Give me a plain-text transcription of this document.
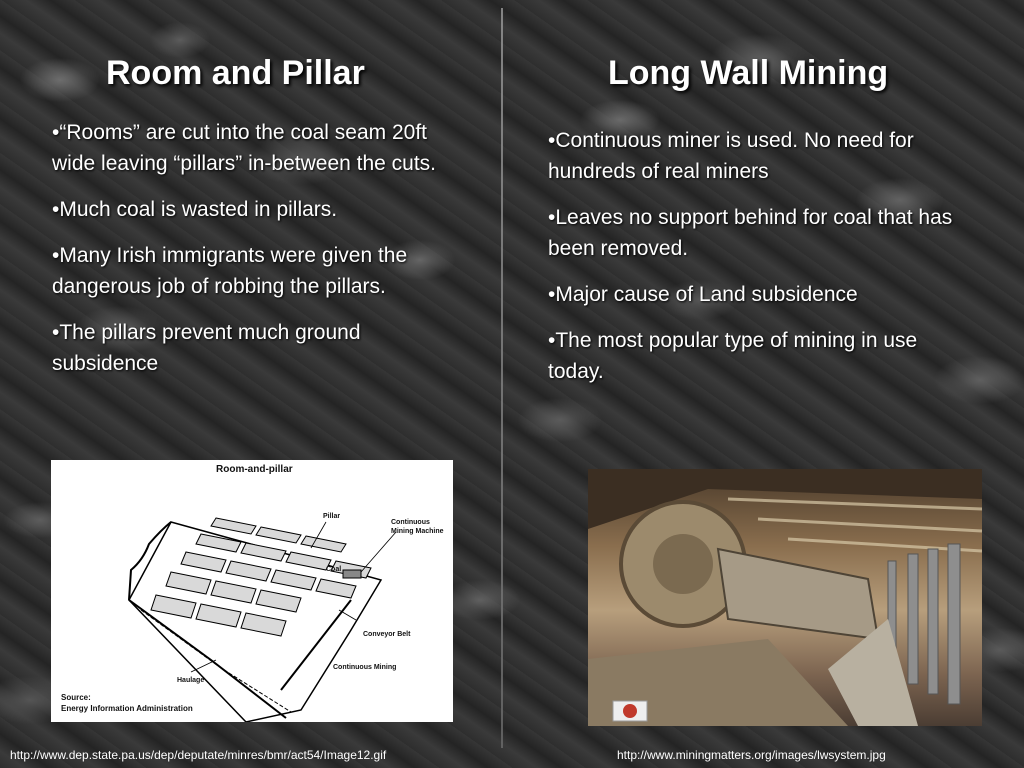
Room and Pillar	Long Wall Mining
•“Rooms” are cut into the coal seam 20ft wide leaving “pillars” in-between the cuts.
•Much coal is wasted in pillars.
•Many Irish immigrants were given the dangerous job of robbing the pillars.
•The pillars prevent much ground subsidence
•Continuous miner is used. No need for hundreds of real miners
•Leaves no support behind for coal that has been removed.
•Major cause of Land subsidence
•The most popular type of mining in use today.
Room-and-pillar
Pillar
Continuous Mining Machine
Coal
Conveyor Belt
Continuous Mining
Haulage
Source:
Energy Information Administration
http://www.dep.state.pa.us/dep/deputate/minres/bmr/act54/Image12.gif	http://www.miningmatters.org/images/lwsystem.jpg
